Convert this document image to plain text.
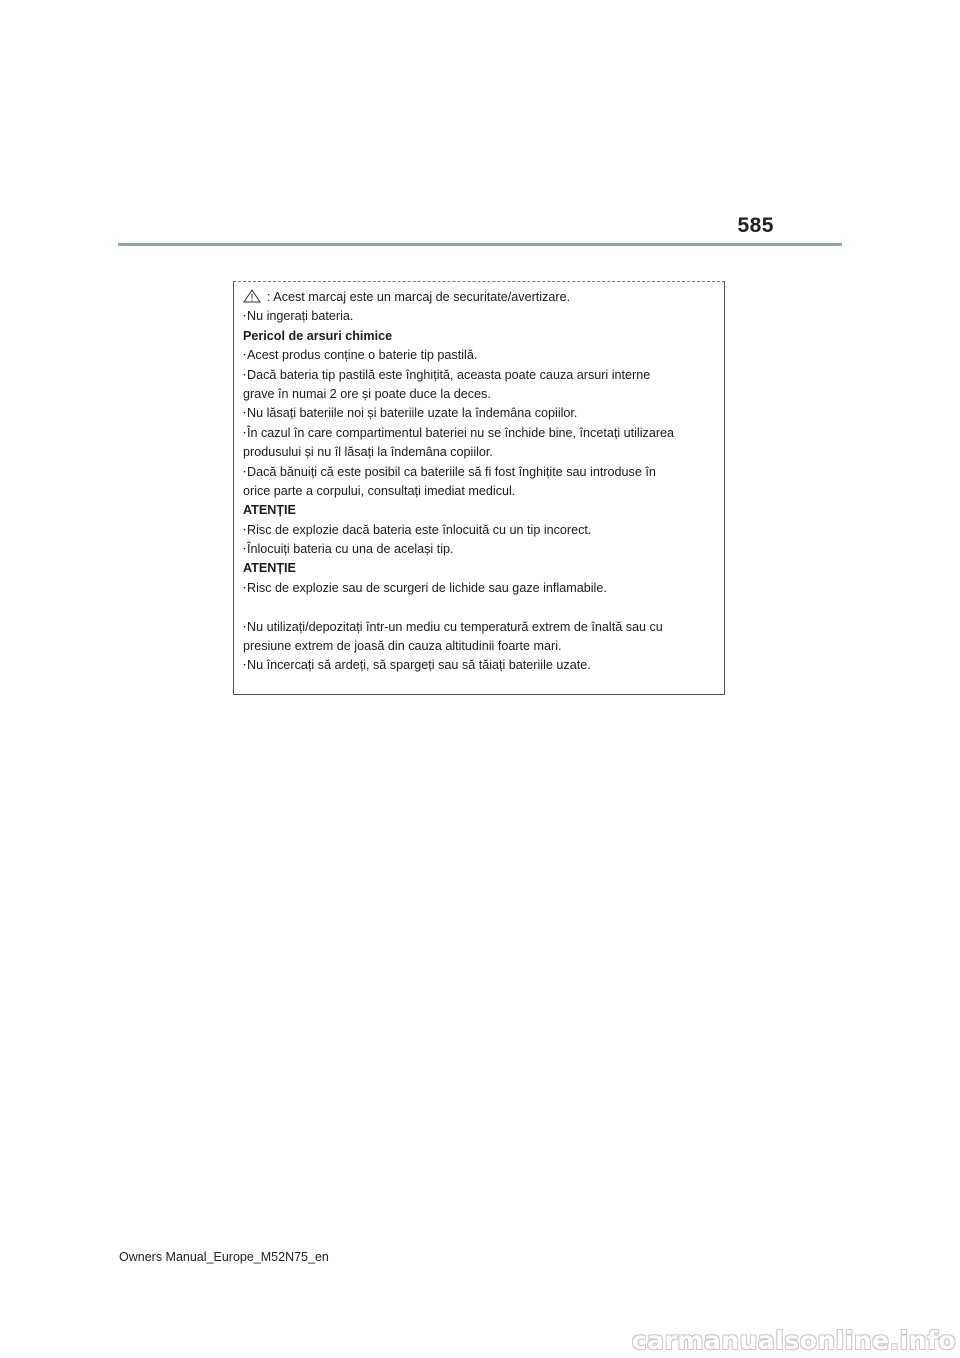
585
: Acest marcaj este un marcaj de securitate/avertizare.
・Nu ingerați bateria.
Pericol de arsuri chimice
・Acest produs conține o baterie tip pastilă.
・Dacă bateria tip pastilă este înghițită, aceasta poate cauza arsuri interne
grave în numai 2 ore și poate duce la deces.
・Nu lăsați bateriile noi și bateriile uzate la îndemâna copiilor.
・În cazul în care compartimentul bateriei nu se închide bine, încetați utilizarea
produsului și nu îl lăsați la îndemâna copiilor.
・Dacă bănuiți că este posibil ca bateriile să fi fost înghițite sau introduse în
orice parte a corpului, consultați imediat medicul.
ATENȚIE
・Risc de explozie dacă bateria este înlocuită cu un tip incorect.
・Înlocuiți bateria cu una de același tip.
ATENȚIE
・Risc de explozie sau de scurgeri de lichide sau gaze inflamabile.
・Nu utilizați/depozitați într-un mediu cu temperatură extrem de înaltă sau cu
presiune extrem de joasă din cauza altitudinii foarte mari.
・Nu încercați să ardeți, să spargeți sau să tăiați bateriile uzate.
Owners Manual_Europe_M52N75_en
carmanualsonline.info
